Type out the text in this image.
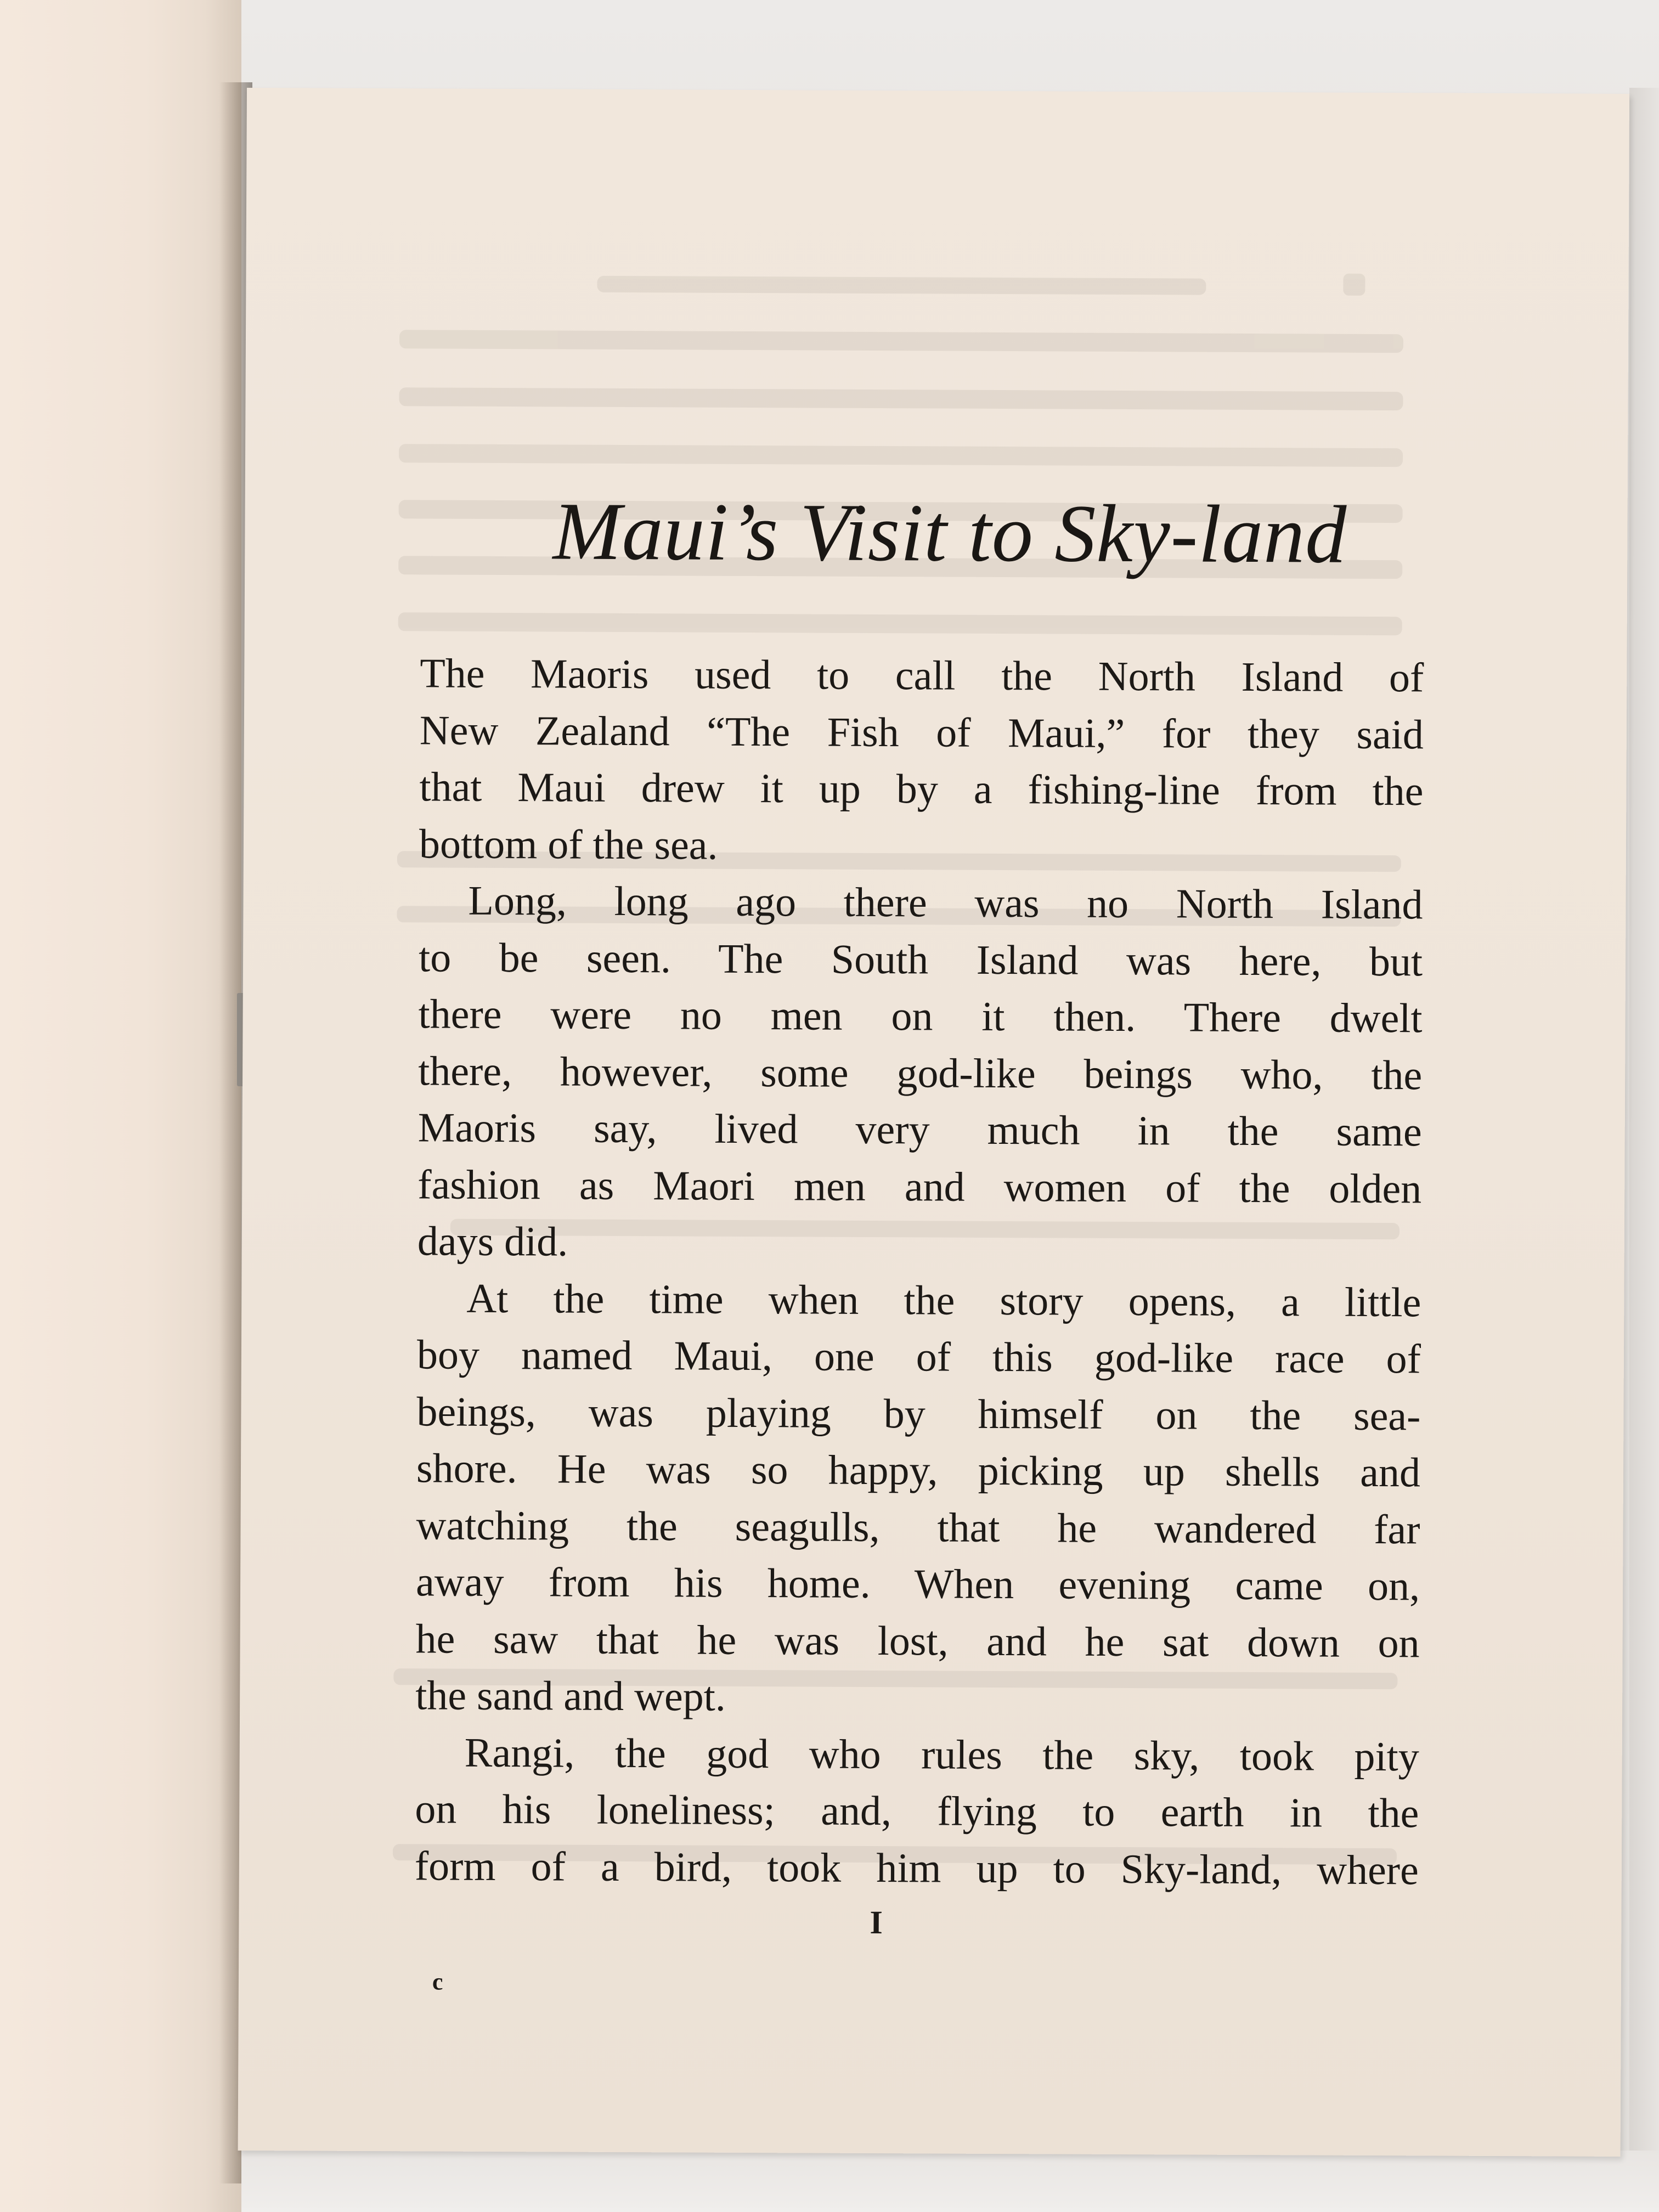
Maui’s Visit to Sky-land
The Maoris used to call the North Island of
New Zealand “The Fish of Maui,” for they said
that Maui drew it up by a fishing-line from the
bottom of the sea.
Long, long ago there was no North Island
to be seen. The South Island was here, but
there were no men on it then. There dwelt
there, however, some god-like beings who, the
Maoris say, lived very much in the same
fashion as Maori men and women of the olden
days did.
At the time when the story opens, a little
boy named Maui, one of this god-like race of
beings, was playing by himself on the sea-
shore. He was so happy, picking up shells and
watching the seagulls, that he wandered far
away from his home. When evening came on,
he saw that he was lost, and he sat down on
the sand and wept.
Rangi, the god who rules the sky, took pity
on his loneliness; and, flying to earth in the
form of a bird, took him up to Sky-land, where
I
c
